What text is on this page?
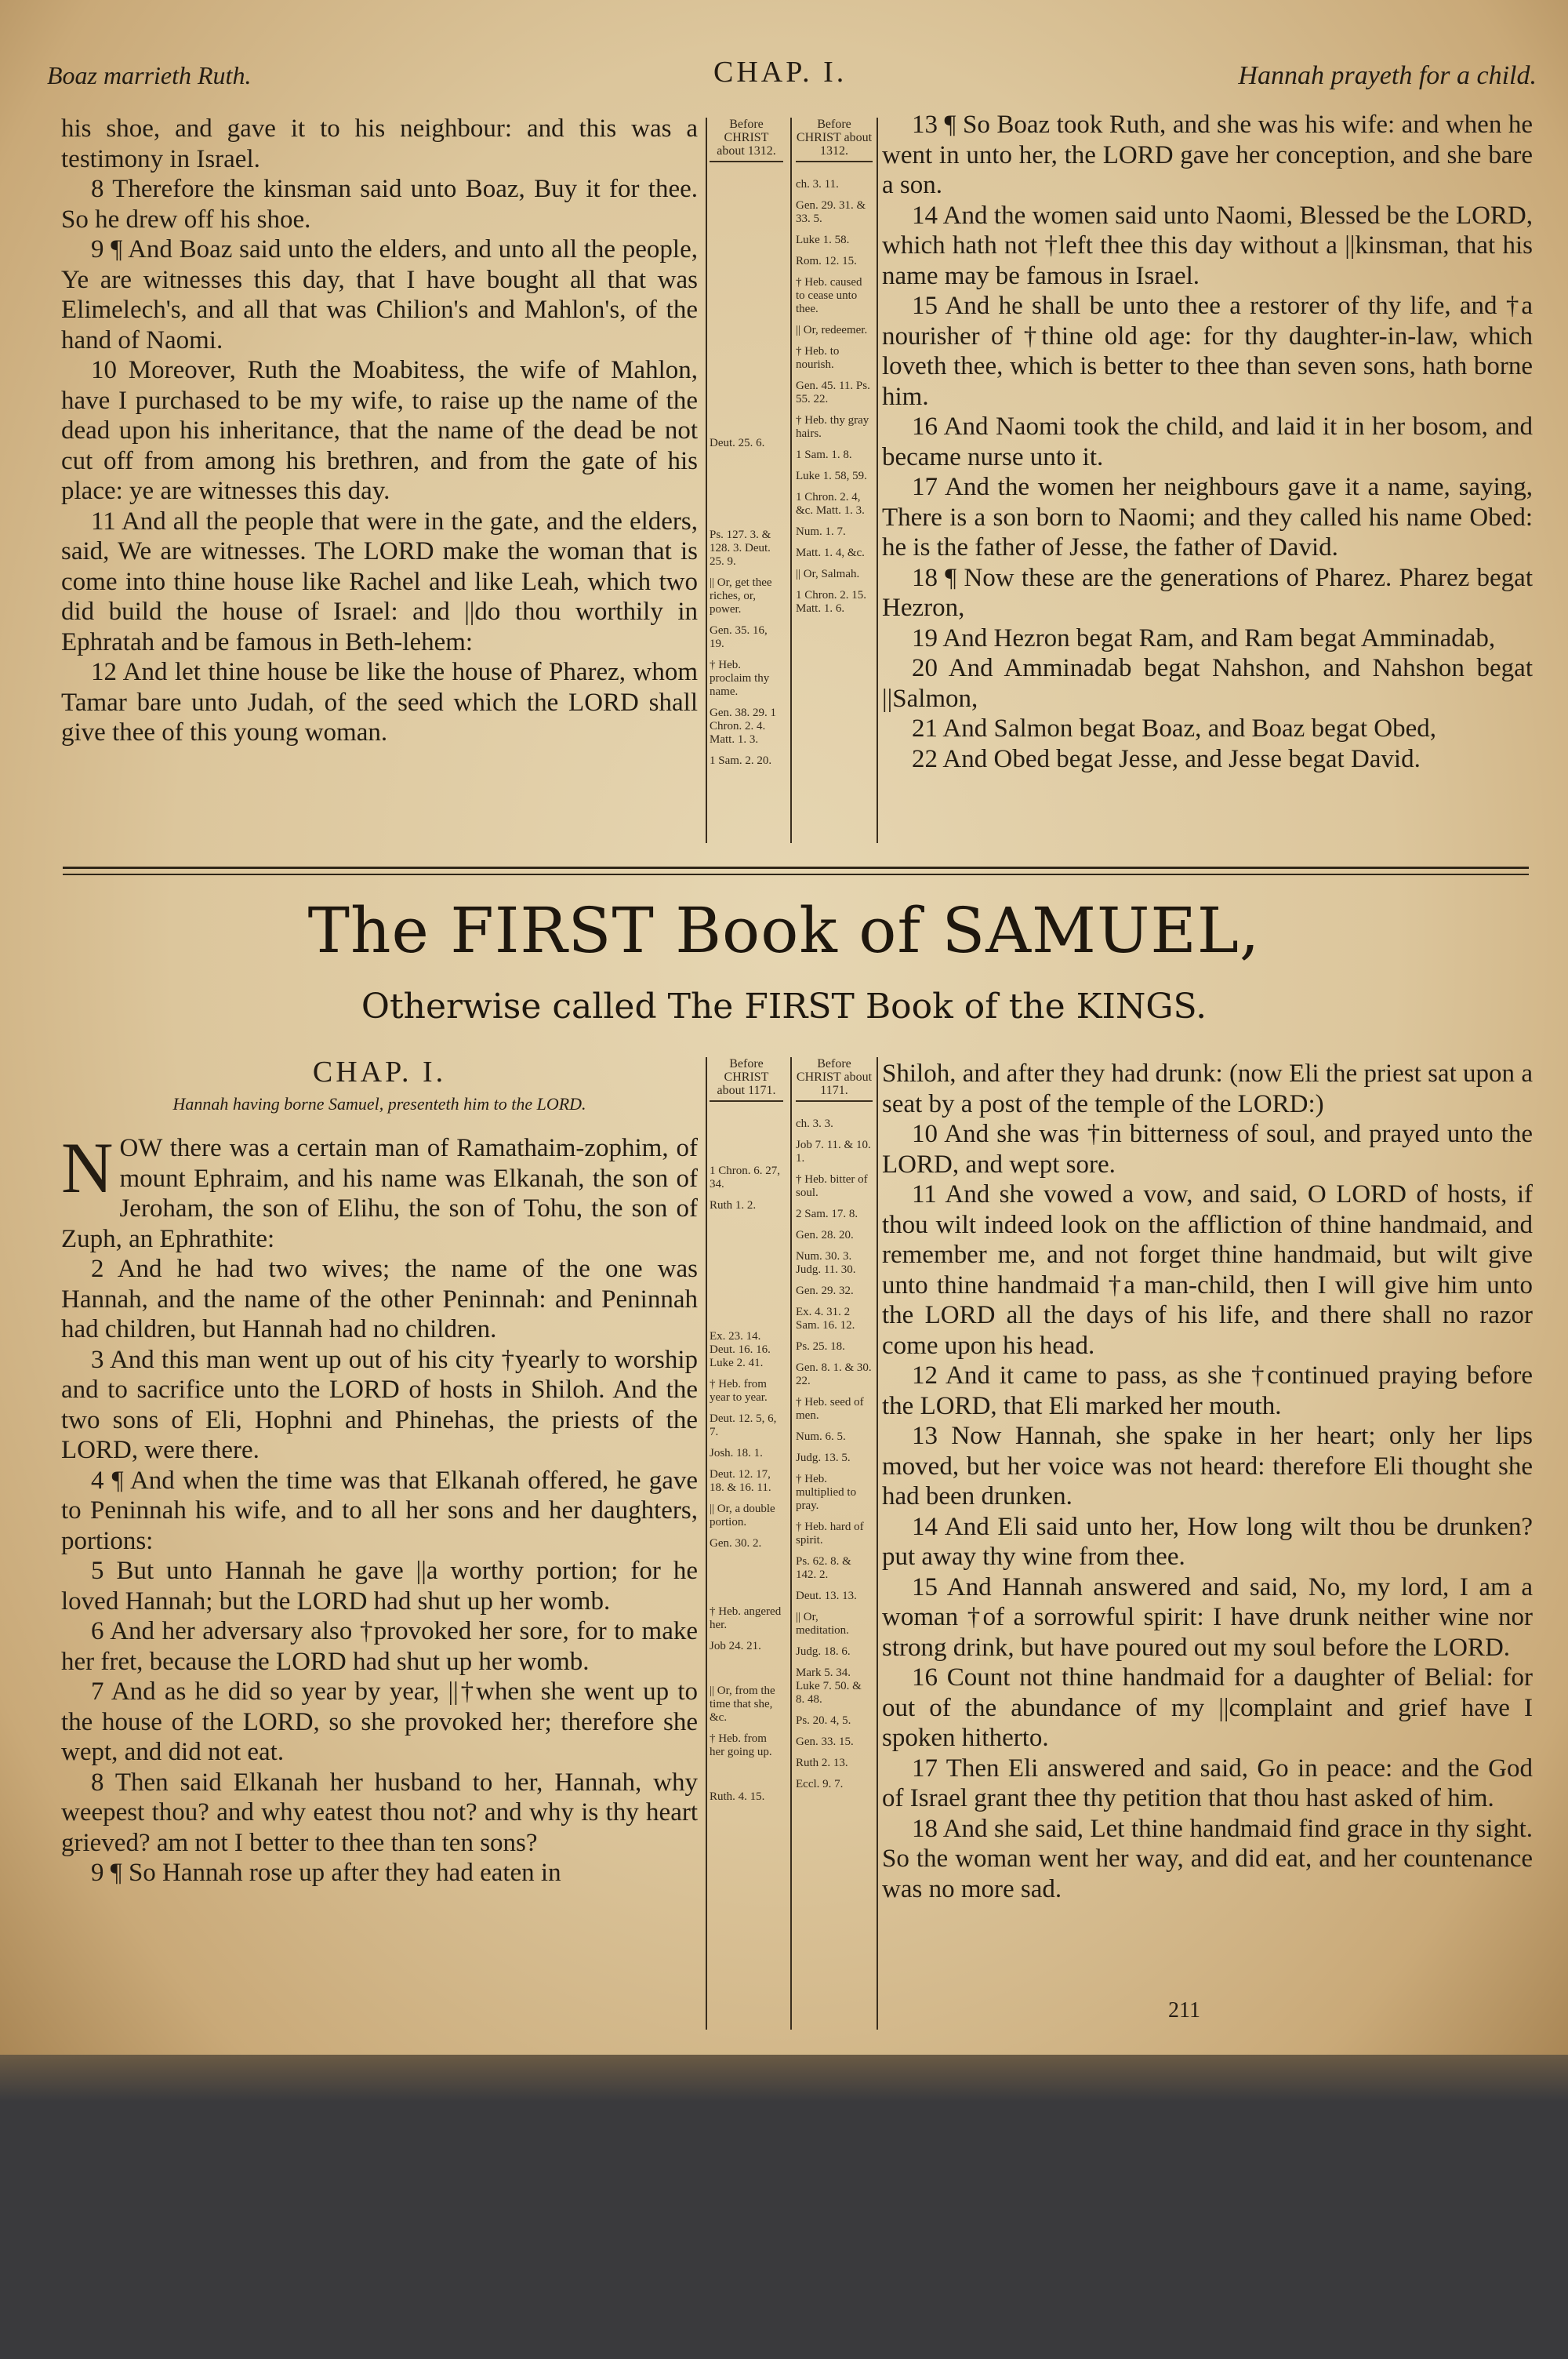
Boaz marrieth Ruth.	CHAP. I.	Hannah prayeth for a child.

his shoe, and gave it to his neighbour: and this was a testimony in Israel.

8 Therefore the kinsman said unto Boaz, Buy it for thee. So he drew off his shoe.

9 ¶ And Boaz said unto the elders, and unto all the people, Ye are witnesses this day, that I have bought all that was Elimelech's, and all that was Chilion's and Mahlon's, of the hand of Naomi.

10 Moreover, Ruth the Moabitess, the wife of Mahlon, have I purchased to be my wife, to raise up the name of the dead upon his inheritance, that the name of the dead be not cut off from among his brethren, and from the gate of his place: ye are witnesses this day.

11 And all the people that were in the gate, and the elders, said, We are witnesses. The LORD make the woman that is come into thine house like Rachel and like Leah, which two did build the house of Israel: and ||do thou worthily in Ephratah and be famous in Beth-lehem:

12 And let thine house be like the house of Pharez, whom Tamar bare unto Judah, of the seed which the LORD shall give thee of this young woman.

Before CHRIST about 1312.
Deut. 25. 6.
Ps. 127. 3. & 128. 3. Deut. 25. 9.
|| Or, get thee riches, or, power.
Gen. 35. 16, 19.
† Heb. proclaim thy name.
Gen. 38. 29. 1 Chron. 2. 4. Matt. 1. 3.
1 Sam. 2. 20.
Before CHRIST about 1312.
ch. 3. 11.
Gen. 29. 31. & 33. 5.
Luke 1. 58.
Rom. 12. 15.
† Heb. caused to cease unto thee.
|| Or, redeemer.
† Heb. to nourish.
Gen. 45. 11. Ps. 55. 22.
† Heb. thy gray hairs.
1 Sam. 1. 8.
Luke 1. 58, 59.
1 Chron. 2. 4, &c. Matt. 1. 3.
Num. 1. 7.
Matt. 1. 4, &c.
|| Or, Salmah.
1 Chron. 2. 15. Matt. 1. 6.

13 ¶ So Boaz took Ruth, and she was his wife: and when he went in unto her, the LORD gave her conception, and she bare a son.

14 And the women said unto Naomi, Blessed be the LORD, which hath not †left thee this day without a ||kinsman, that his name may be famous in Israel.

15 And he shall be unto thee a restorer of thy life, and †a nourisher of †thine old age: for thy daughter-in-law, which loveth thee, which is better to thee than seven sons, hath borne him.

16 And Naomi took the child, and laid it in her bosom, and became nurse unto it.

17 And the women her neighbours gave it a name, saying, There is a son born to Naomi; and they called his name Obed: he is the father of Jesse, the father of David.

18 ¶ Now these are the generations of Pharez. Pharez begat Hezron,

19 And Hezron begat Ram, and Ram begat Amminadab,

20 And Amminadab begat Nahshon, and Nahshon begat ||Salmon,

21 And Salmon begat Boaz, and Boaz begat Obed,

22 And Obed begat Jesse, and Jesse begat David.

The FIRST Book of SAMUEL,
Otherwise called The FIRST Book of the KINGS.
CHAP. I.
Hannah having borne Samuel, presenteth him to the LORD.

NOW there was a certain man of Ramathaim-zophim, of mount Ephraim, and his name was Elkanah, the son of Jeroham, the son of Elihu, the son of Tohu, the son of Zuph, an Ephrathite:

2 And he had two wives; the name of the one was Hannah, and the name of the other Peninnah: and Peninnah had children, but Hannah had no children.

3 And this man went up out of his city †yearly to worship and to sacrifice unto the LORD of hosts in Shiloh. And the two sons of Eli, Hophni and Phinehas, the priests of the LORD, were there.

4 ¶ And when the time was that Elkanah offered, he gave to Peninnah his wife, and to all her sons and her daughters, portions:

5 But unto Hannah he gave ||a worthy portion; for he loved Hannah; but the LORD had shut up her womb.

6 And her adversary also †provoked her sore, for to make her fret, because the LORD had shut up her womb.

7 And as he did so year by year, ||†when she went up to the house of the LORD, so she provoked her; therefore she wept, and did not eat.

8 Then said Elkanah her husband to her, Hannah, why weepest thou? and why eatest thou not? and why is thy heart grieved? am not I better to thee than ten sons?

9 ¶ So Hannah rose up after they had eaten in

Before CHRIST about 1171.
1 Chron. 6. 27, 34.
Ruth 1. 2.
Ex. 23. 14. Deut. 16. 16. Luke 2. 41.
† Heb. from year to year.
Deut. 12. 5, 6, 7.
Josh. 18. 1.
Deut. 12. 17, 18. & 16. 11.
|| Or, a double portion.
Gen. 30. 2.
† Heb. angered her.
Job 24. 21.
|| Or, from the time that she, &c.
† Heb. from her going up.
Ruth. 4. 15.
Before CHRIST about 1171.
ch. 3. 3.
Job 7. 11. & 10. 1.
† Heb. bitter of soul.
2 Sam. 17. 8.
Gen. 28. 20.
Num. 30. 3. Judg. 11. 30.
Gen. 29. 32.
Ex. 4. 31. 2 Sam. 16. 12.
Ps. 25. 18.
Gen. 8. 1. & 30. 22.
† Heb. seed of men.
Num. 6. 5.
Judg. 13. 5.
† Heb. multiplied to pray.
† Heb. hard of spirit.
Ps. 62. 8. & 142. 2.
Deut. 13. 13.
|| Or, meditation.
Judg. 18. 6.
Mark 5. 34. Luke 7. 50. & 8. 48.
Ps. 20. 4, 5.
Gen. 33. 15.
Ruth 2. 13.
Eccl. 9. 7.

Shiloh, and after they had drunk: (now Eli the priest sat upon a seat by a post of the temple of the LORD:)

10 And she was †in bitterness of soul, and prayed unto the LORD, and wept sore.

11 And she vowed a vow, and said, O LORD of hosts, if thou wilt indeed look on the affliction of thine handmaid, and remember me, and not forget thine handmaid, but wilt give unto thine handmaid †a man-child, then I will give him unto the LORD all the days of his life, and there shall no razor come upon his head.

12 And it came to pass, as she †continued praying before the LORD, that Eli marked her mouth.

13 Now Hannah, she spake in her heart; only her lips moved, but her voice was not heard: therefore Eli thought she had been drunken.

14 And Eli said unto her, How long wilt thou be drunken? put away thy wine from thee.

15 And Hannah answered and said, No, my lord, I am a woman †of a sorrowful spirit: I have drunk neither wine nor strong drink, but have poured out my soul before the LORD.

16 Count not thine handmaid for a daughter of Belial: for out of the abundance of my ||complaint and grief have I spoken hitherto.

17 Then Eli answered and said, Go in peace: and the God of Israel grant thee thy petition that thou hast asked of him.

18 And she said, Let thine handmaid find grace in thy sight. So the woman went her way, and did eat, and her countenance was no more sad.

211
